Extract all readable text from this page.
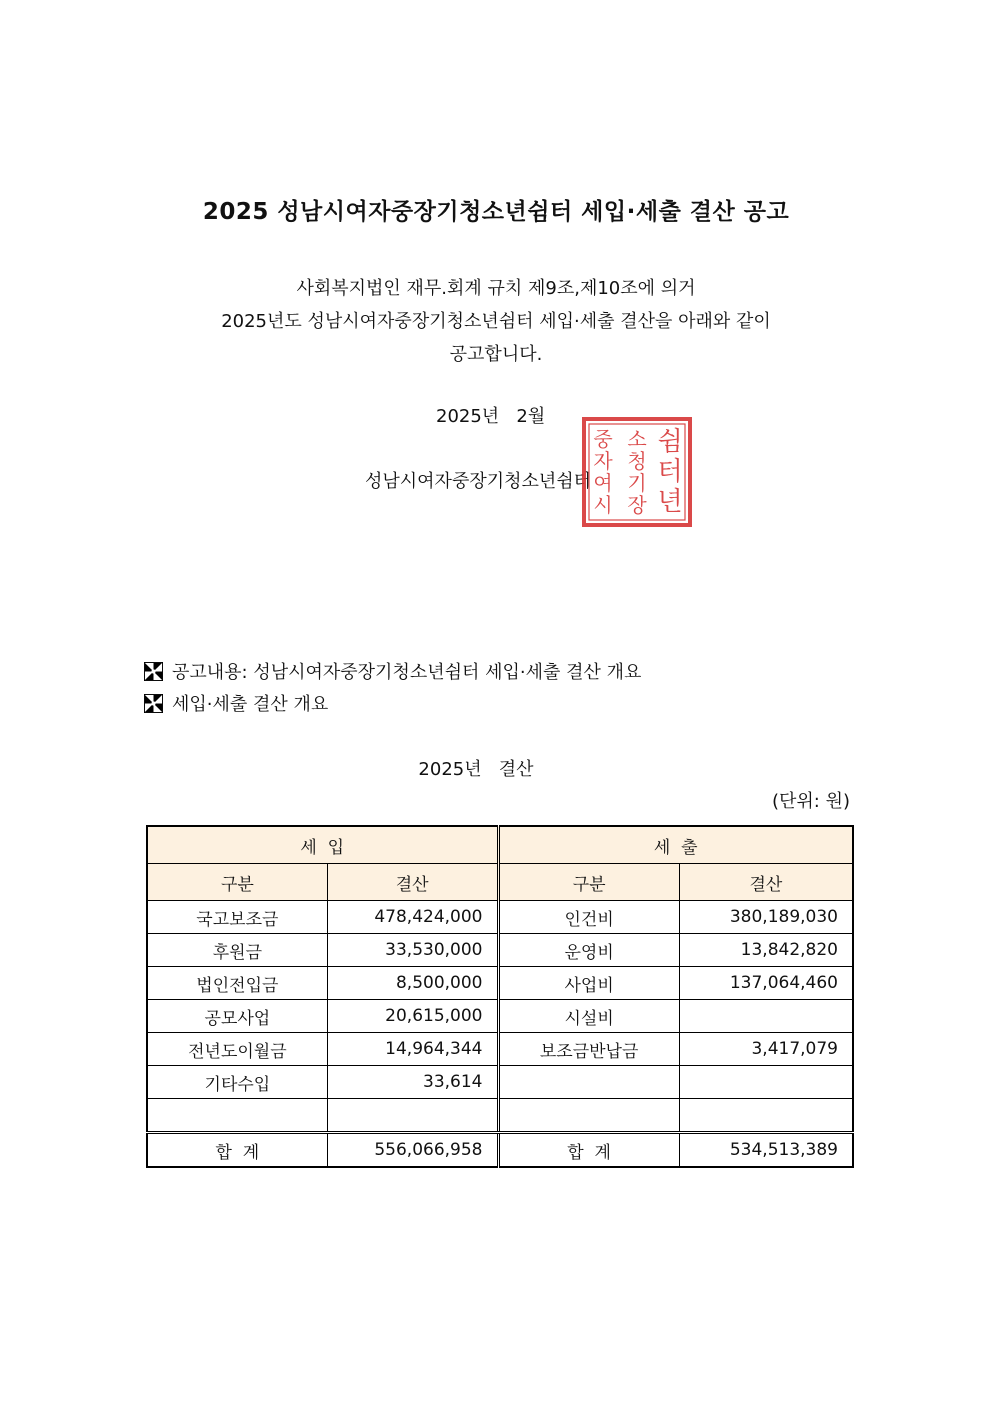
2025 성남시여자중장기청소년쉼터 세입·세출 결산 공고
사회복지법인 재무.회계 규치 제9조,제10조에 의거
2025년도 성남시여자중장기청소년쉼터 세입·세출 결산을 아래와 같이
공고합니다.
2025년   2월
성남시여자중장기청소년쉼터
쉼
터
년
소
청
기
장
중
자
여
시
공고내용: 성남시여자중장기청소년쉼터 세입·세출 결산 개요
세입·세출 결산 개요
2025년   결산
(단위: 원)
세  입		세  출	
구분	결산	구분	결산
국고보조금	478,424,000	인건비	380,189,030
후원금	33,530,000	운영비	13,842,820
법인전입금	8,500,000	사업비	137,064,460
공모사업	20,615,000	시설비	
전년도이월금	14,964,344	보조금반납금	3,417,079
기타수입	33,614		

합  계	556,066,958	합  계	534,513,389
